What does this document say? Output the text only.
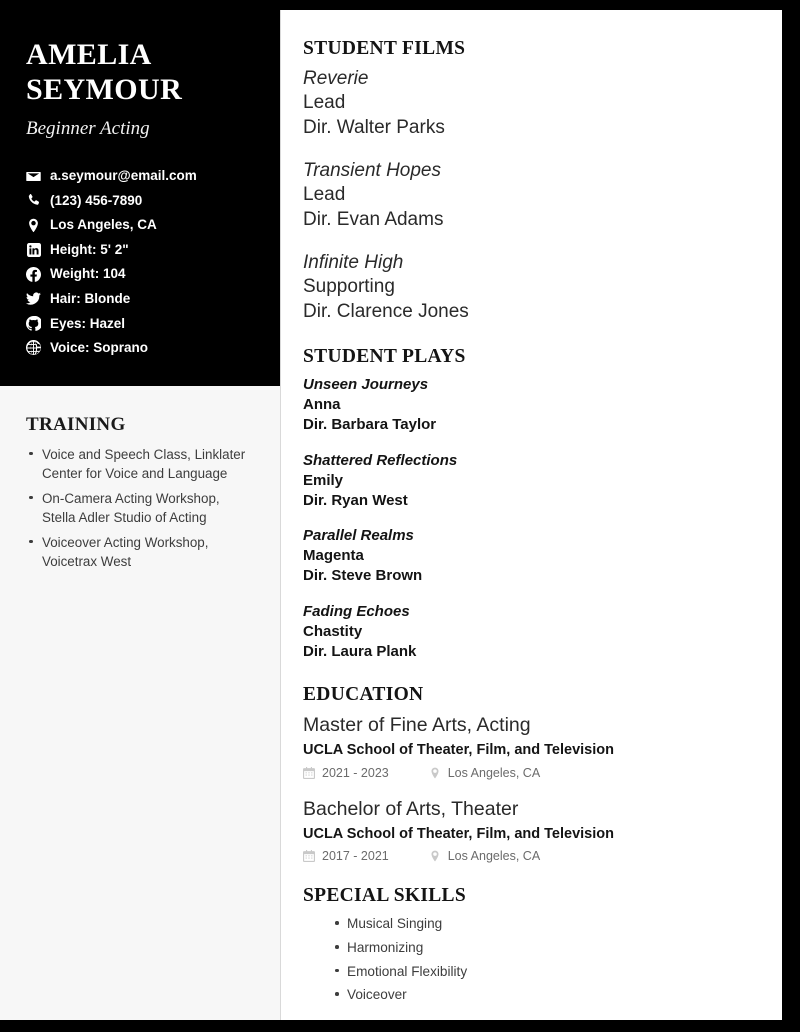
AMELIA
SEYMOUR
Beginner Acting
a.seymour@email.com
(123) 456-7890
Los Angeles, CA
Height: 5' 2"
Weight: 104
Hair: Blonde
Eyes: Hazel
Voice: Soprano
TRAINING
Voice and Speech Class, Linklater Center for Voice and Language
On-Camera Acting Workshop, Stella Adler Studio of Acting
Voiceover Acting Workshop, Voicetrax West
STUDENT FILMS
Reverie
Lead
Dir. Walter Parks
Transient Hopes
Lead
Dir. Evan Adams
Infinite High
Supporting
Dir. Clarence Jones
STUDENT PLAYS
Unseen Journeys
Anna
Dir. Barbara Taylor
Shattered Reflections
Emily
Dir. Ryan West
Parallel Realms
Magenta
Dir. Steve Brown
Fading Echoes
Chastity
Dir. Laura Plank
EDUCATION
Master of Fine Arts, Acting
UCLA School of Theater, Film, and Television
2021 - 2023	Los Angeles, CA
Bachelor of Arts, Theater
UCLA School of Theater, Film, and Television
2017 - 2021	Los Angeles, CA
SPECIAL SKILLS
Musical Singing
Harmonizing
Emotional Flexibility
Voiceover
